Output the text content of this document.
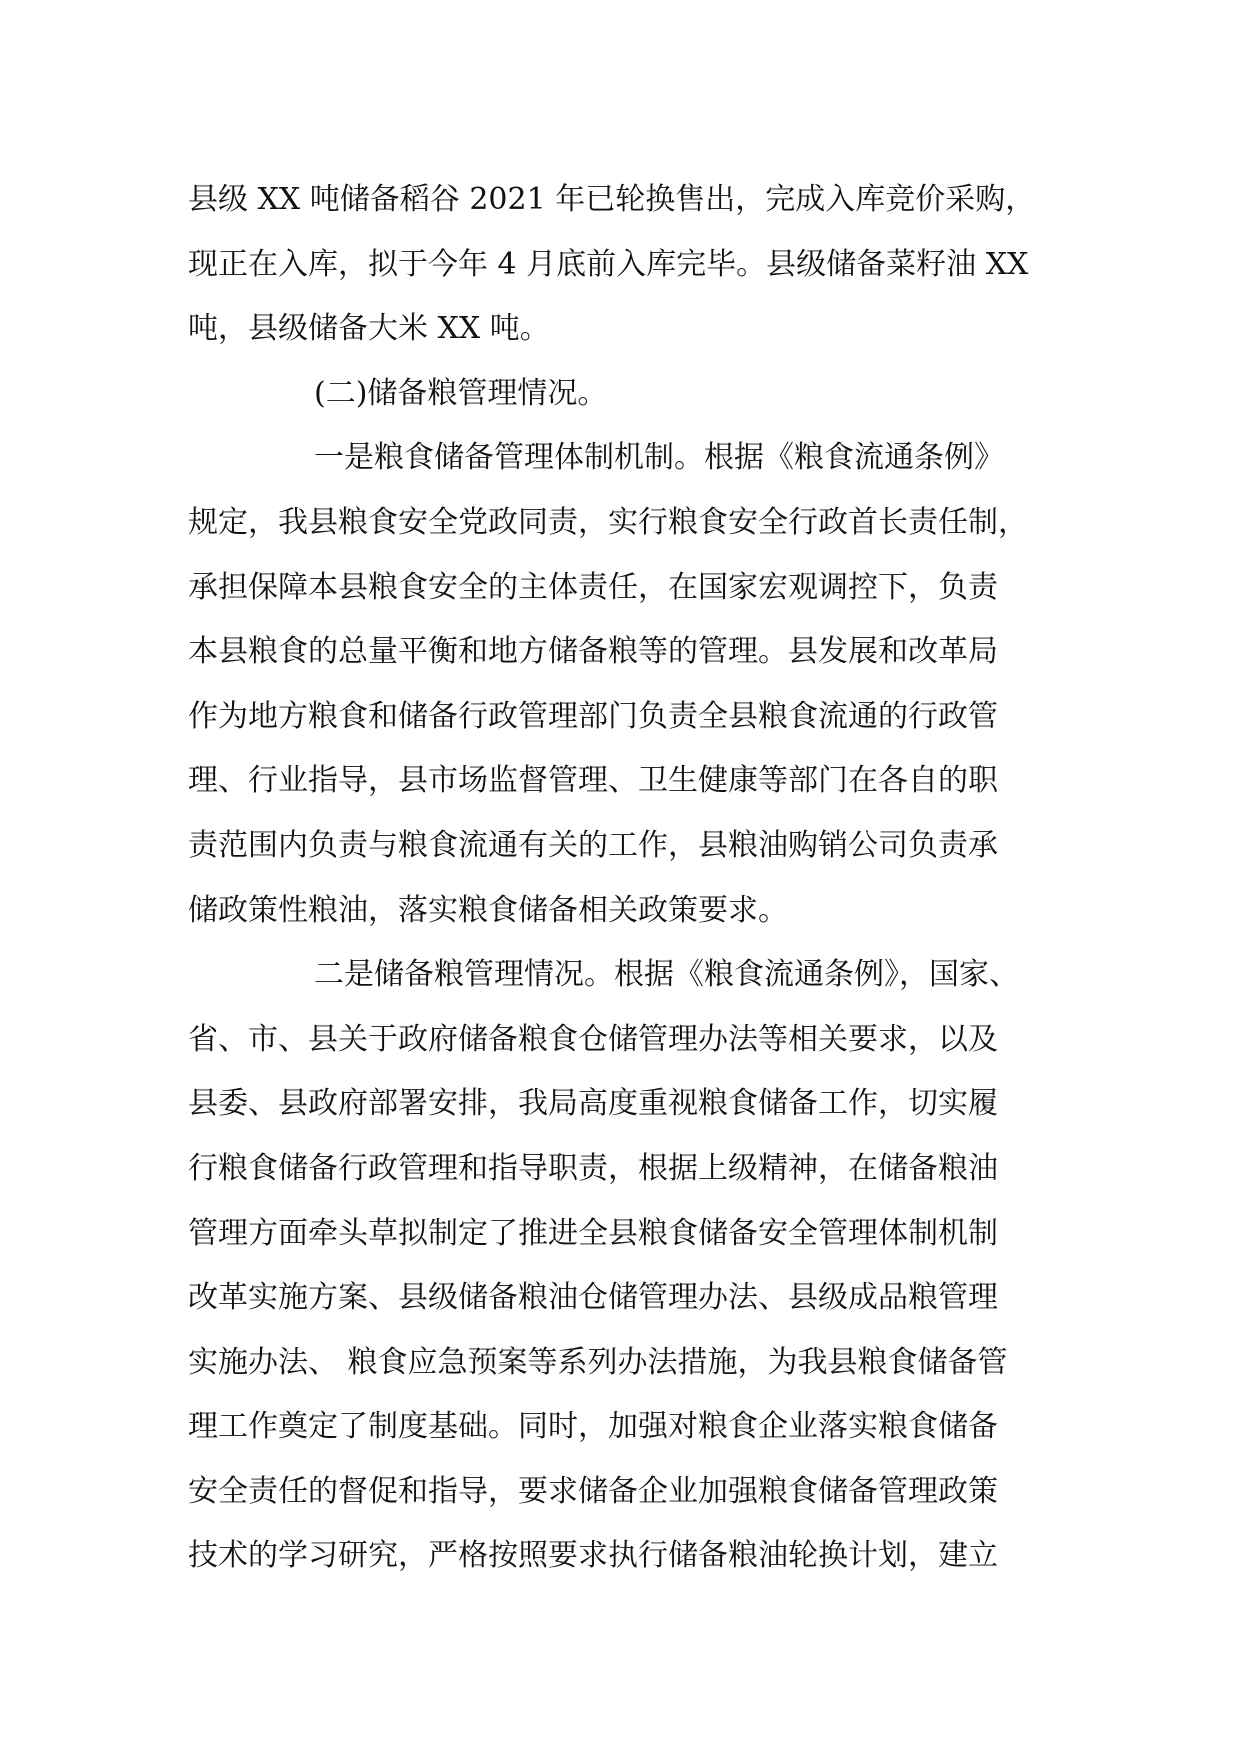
县级 XX 吨储备稻谷 2021 年已轮换售出，完成入库竞价采购，
现正在入库，拟于今年 4 月底前入库完毕。县级储备菜籽油 XX
吨，县级储备大米 XX 吨。
(二)储备粮管理情况。
一是粮食储备管理体制机制。根据《粮食流通条例》
规定，我县粮食安全党政同责，实行粮食安全行政首长责任制，
承担保障本县粮食安全的主体责任，在国家宏观调控下，负责
本县粮食的总量平衡和地方储备粮等的管理。县发展和改革局
作为地方粮食和储备行政管理部门负责全县粮食流通的行政管
理、行业指导，县市场监督管理、卫生健康等部门在各自的职
责范围内负责与粮食流通有关的工作，县粮油购销公司负责承
储政策性粮油，落实粮食储备相关政策要求。
二是储备粮管理情况。根据《粮食流通条例》，国家、
省、市、县关于政府储备粮食仓储管理办法等相关要求，以及
县委、县政府部署安排，我局高度重视粮食储备工作，切实履
行粮食储备行政管理和指导职责，根据上级精神，在储备粮油
管理方面牵头草拟制定了推进全县粮食储备安全管理体制机制
改革实施方案、县级储备粮油仓储管理办法、县级成品粮管理
实施办法、 粮食应急预案等系列办法措施，为我县粮食储备管
理工作奠定了制度基础。同时，加强对粮食企业落实粮食储备
安全责任的督促和指导，要求储备企业加强粮食储备管理政策
技术的学习研究，严格按照要求执行储备粮油轮换计划，建立
